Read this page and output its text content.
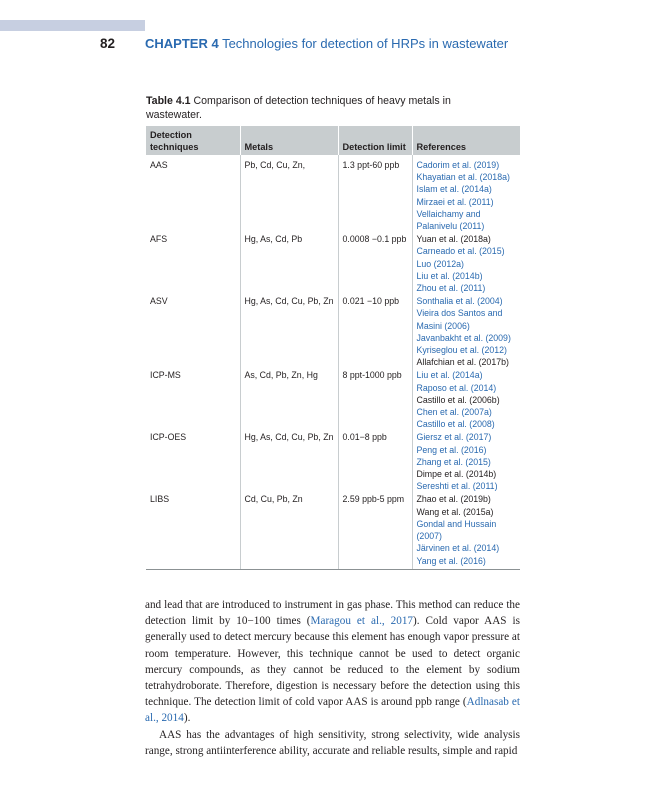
82 CHAPTER 4 Technologies for detection of HRPs in wastewater
Table 4.1 Comparison of detection techniques of heavy metals in wastewater.
Detection techniques	Metals	Detection limit	References
AAS	Pb, Cd, Cu, Zn,	1.3 ppt-60 ppb	Cadorim et al. (2019)
Khayatian et al. (2018a)
Islam et al. (2014a)
Mirzaei et al. (2011)
Vellaichamy and Palanivelu (2011)

AFS	Hg, As, Cd, Pb	0.0008 −0.1 ppb	Yuan et al. (2018a)
Carneado et al. (2015)
Luo (2012a)
Liu et al. (2014b)
Zhou et al. (2011)

ASV	Hg, As, Cd, Cu, Pb, Zn	0.021 −10 ppb	Sonthalia et al. (2004)
Vieira dos Santos and Masini (2006)
Javanbakht et al. (2009)
Kyriseglou et al. (2012)
Allafchian et al. (2017b)

ICP-MS	As, Cd, Pb, Zn, Hg	8 ppt-1000 ppb	Liu et al. (2014a)
Raposo et al. (2014)
Castillo et al. (2006b)
Chen et al. (2007a)
Castillo et al. (2008)

ICP-OES	Hg, As, Cd, Cu, Pb, Zn	0.01−8 ppb	Giersz et al. (2017)
Peng et al. (2016)
Zhang et al. (2015)
Dimpe et al. (2014b)
Sereshti et al. (2011)

LIBS	Cd, Cu, Pb, Zn	2.59 ppb-5 ppm	Zhao et al. (2019b)
Wang et al. (2015a)
Gondal and Hussain (2007)
Järvinen et al. (2014)
Yang et al. (2016)

and lead that are introduced to instrument in gas phase. This method can reduce the detection limit by 10−100 times (Maragou et al., 2017). Cold vapor AAS is generally used to detect mercury because this element has enough vapor pressure at room temperature. However, this technique cannot be used to detect organic mercury compounds, as they cannot be reduced to the element by sodium tetrahydroborate. Therefore, digestion is necessary before the detection using this technique. The detection limit of cold vapor AAS is around ppb range (Adlnasab et al., 2014).

AAS has the advantages of high sensitivity, strong selectivity, wide analysis range, strong antiinterference ability, accurate and reliable results, simple and rapid
